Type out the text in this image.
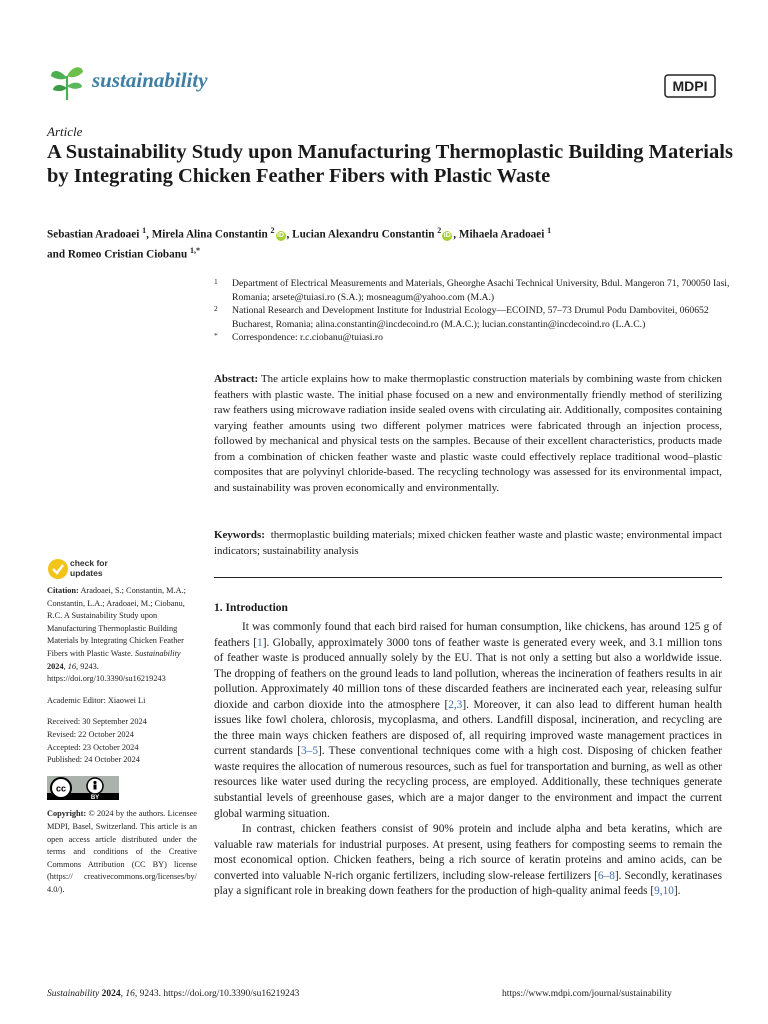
sustainability	MDPI
Article
A Sustainability Study upon Manufacturing Thermoplastic Building Materials by Integrating Chicken Feather Fibers with Plastic Waste
Sebastian Aradoaei $^1$, Mirela Alina Constantin $^2$iD , Lucian Alexandru Constantin $^2$iD , Mihaela Aradoaei $^1$
and Romeo Cristian Ciobanu $^{1,*}$
1 Department of Electrical Measurements and Materials, Gheorghe Asachi Technical University, Bdul. Mangeron 71, 700050 Iasi, Romania; arsete@tuiasi.ro (S.A.); mosneagum@yahoo.com (M.A.)
2 National Research and Development Institute for Industrial Ecology—ECOIND, 57–73 Drumul Podu Dambovitei, 060652 Bucharest, Romania; alina.constantin@incdecoind.ro (M.A.C.); lucian.constantin@incdecoind.ro (L.A.C.)
* Correspondence: r.c.ciobanu@tuiasi.ro
Abstract: The article explains how to make thermoplastic construction materials by combining waste from chicken feathers with plastic waste. The initial phase focused on a new and environmentally friendly method of sterilizing raw feathers using microwave radiation inside sealed ovens with circulating air. Additionally, composites containing varying feather amounts using two different polymer matrices were fabricated through an injection process, followed by mechanical and physical tests on the samples. Because of their excellent characteristics, products made from a combination of chicken feather waste and plastic waste could effectively replace traditional wood–plastic composites that are polyvinyl chloride-based. The recycling technology was assessed for its environmental impact, and sustainability was proven economically and environmentally.
Keywords: thermoplastic building materials; mixed chicken feather waste and plastic waste; environmental impact indicators; sustainability analysis
check for
updates

Citation: Aradoaei, S.; Constantin, M.A.; Constantin, L.A.; Aradoaei, M.; Ciobanu, R.C. A Sustainability Study upon Manufacturing Thermoplastic Building Materials by Integrating Chicken Feather Fibers with Plastic Waste. Sustainability 2024, 16, 9243. https://doi.org/10.3390/su16219243

Academic Editor: Xiaowei Li

Received: 30 September 2024

Revised: 22 October 2024

Accepted: 23 October 2024

Published: 24 October 2024

cc
BY

Copyright: © 2024 by the authors. Licensee MDPI, Basel, Switzerland. This article is an open access article distributed under the terms and conditions of the Creative Commons Attribution (CC BY) license (https:// creativecommons.org/licenses/by/ 4.0/).

1. Introduction

It was commonly found that each bird raised for human consumption, like chickens, has around 125 g of feathers [1]. Globally, approximately 3000 tons of feather waste is generated every week, and 3.1 million tons of feather waste is produced annually solely by the EU. That is not only a setting but also a worldwide issue. The dropping of feathers on the ground leads to land pollution, whereas the incineration of feathers results in air pollution. Approximately 40 million tons of these discarded feathers are incinerated each year, releasing sulfur dioxide and carbon dioxide into the atmosphere [2,3]. Moreover, it can also lead to different human health issues like fowl cholera, chlorosis, mycoplasma, and others. Landfill disposal, incineration, and recycling are the three main ways chicken feathers are disposed of, all requiring improved waste management practices in current standards [3–5]. These conventional techniques come with a high cost. Disposing of chicken feather waste requires the allocation of numerous resources, such as fuel for transportation and burning, as well as other resources like water used during the recycling process, are employed. Additionally, these techniques generate substantial levels of greenhouse gases, which are a major danger to the environment and impact the current global warming situation.

In contrast, chicken feathers consist of 90% protein and include alpha and beta keratins, which are valuable raw materials for industrial purposes. At present, using feathers for composting seems to remain the most economical option. Chicken feathers, being a rich source of keratin proteins and amino acids, can be converted into valuable N-rich organic fertilizers, including slow-release fertilizers [6–8]. Secondly, keratinases play a significant role in breaking down feathers for the production of high-quality animal feeds [9,10].

Sustainability 2024, 16, 9243. https://doi.org/10.3390/su16219243	https://www.mdpi.com/journal/sustainability
